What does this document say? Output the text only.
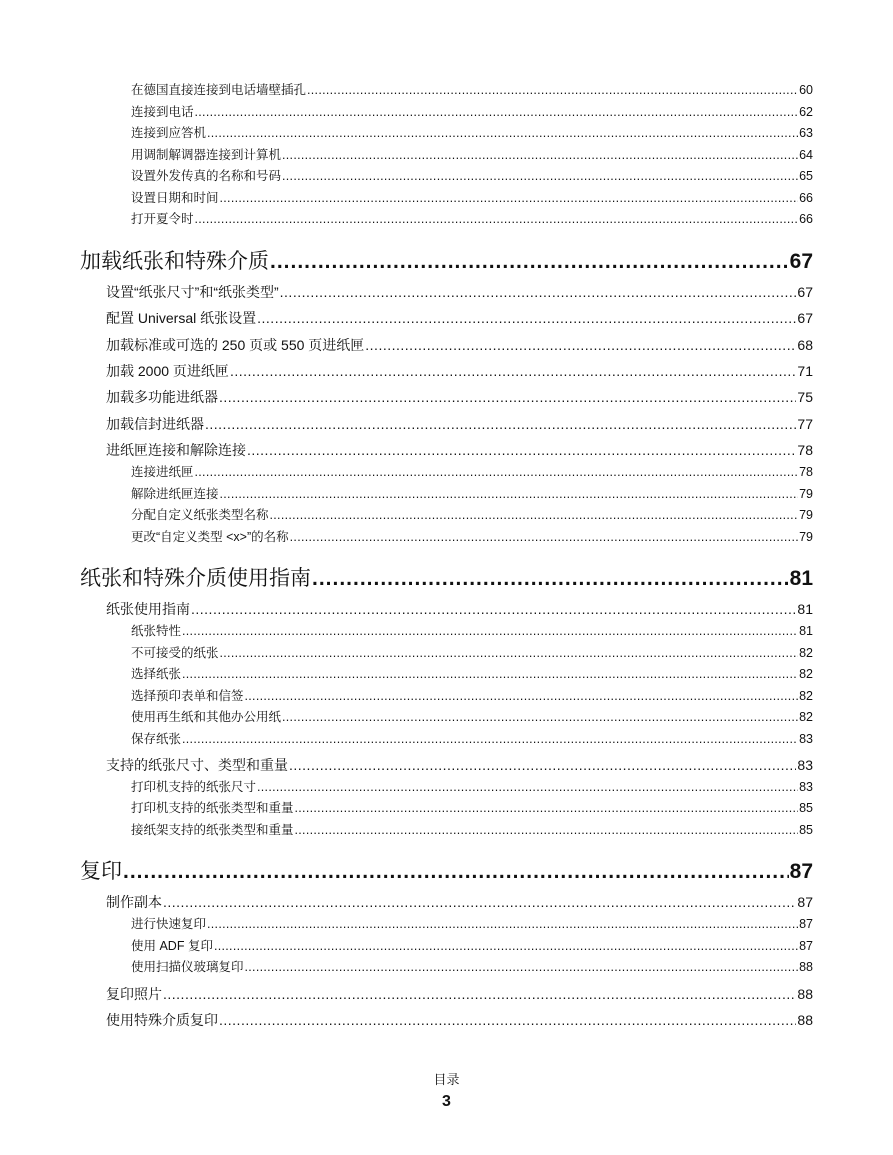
在德国直接连接到电话墙壁插孔 .....	60
连接到电话 .....	62
连接到应答机 .....	63
用调制解调器连接到计算机 .....	64
设置外发传真的名称和号码 .....	65
设置日期和时间 .....	66
打开夏令时 .....	66
加载纸张和特殊介质 .....	67
设置“纸张尺寸”和“纸张类型” .....	67
配置 Universal 纸张设置 .....	67
加载标准或可选的 250 页或 550 页进纸匣 .....	68
加载 2000 页进纸匣 .....	71
加载多功能进纸器 .....	75
加载信封进纸器 .....	77
进纸匣连接和解除连接 .....	78
连接进纸匣 .....	78
解除进纸匣连接 .....	79
分配自定义纸张类型名称 .....	79
更改“自定义类型 <x>”的名称 .....	79
纸张和特殊介质使用指南 .....	81
纸张使用指南 .....	81
纸张特性 .....	81
不可接受的纸张 .....	82
选择纸张 .....	82
选择预印表单和信签 .....	82
使用再生纸和其他办公用纸 .....	82
保存纸张 .....	83
支持的纸张尺寸、类型和重量 .....	83
打印机支持的纸张尺寸 .....	83
打印机支持的纸张类型和重量 .....	85
接纸架支持的纸张类型和重量 .....	85
复印 .....	87
制作副本 .....	87
进行快速复印 .....	87
使用 ADF 复印 .....	87
使用扫描仪玻璃复印 .....	88
复印照片 .....	88
使用特殊介质复印 .....	88
目录
3
